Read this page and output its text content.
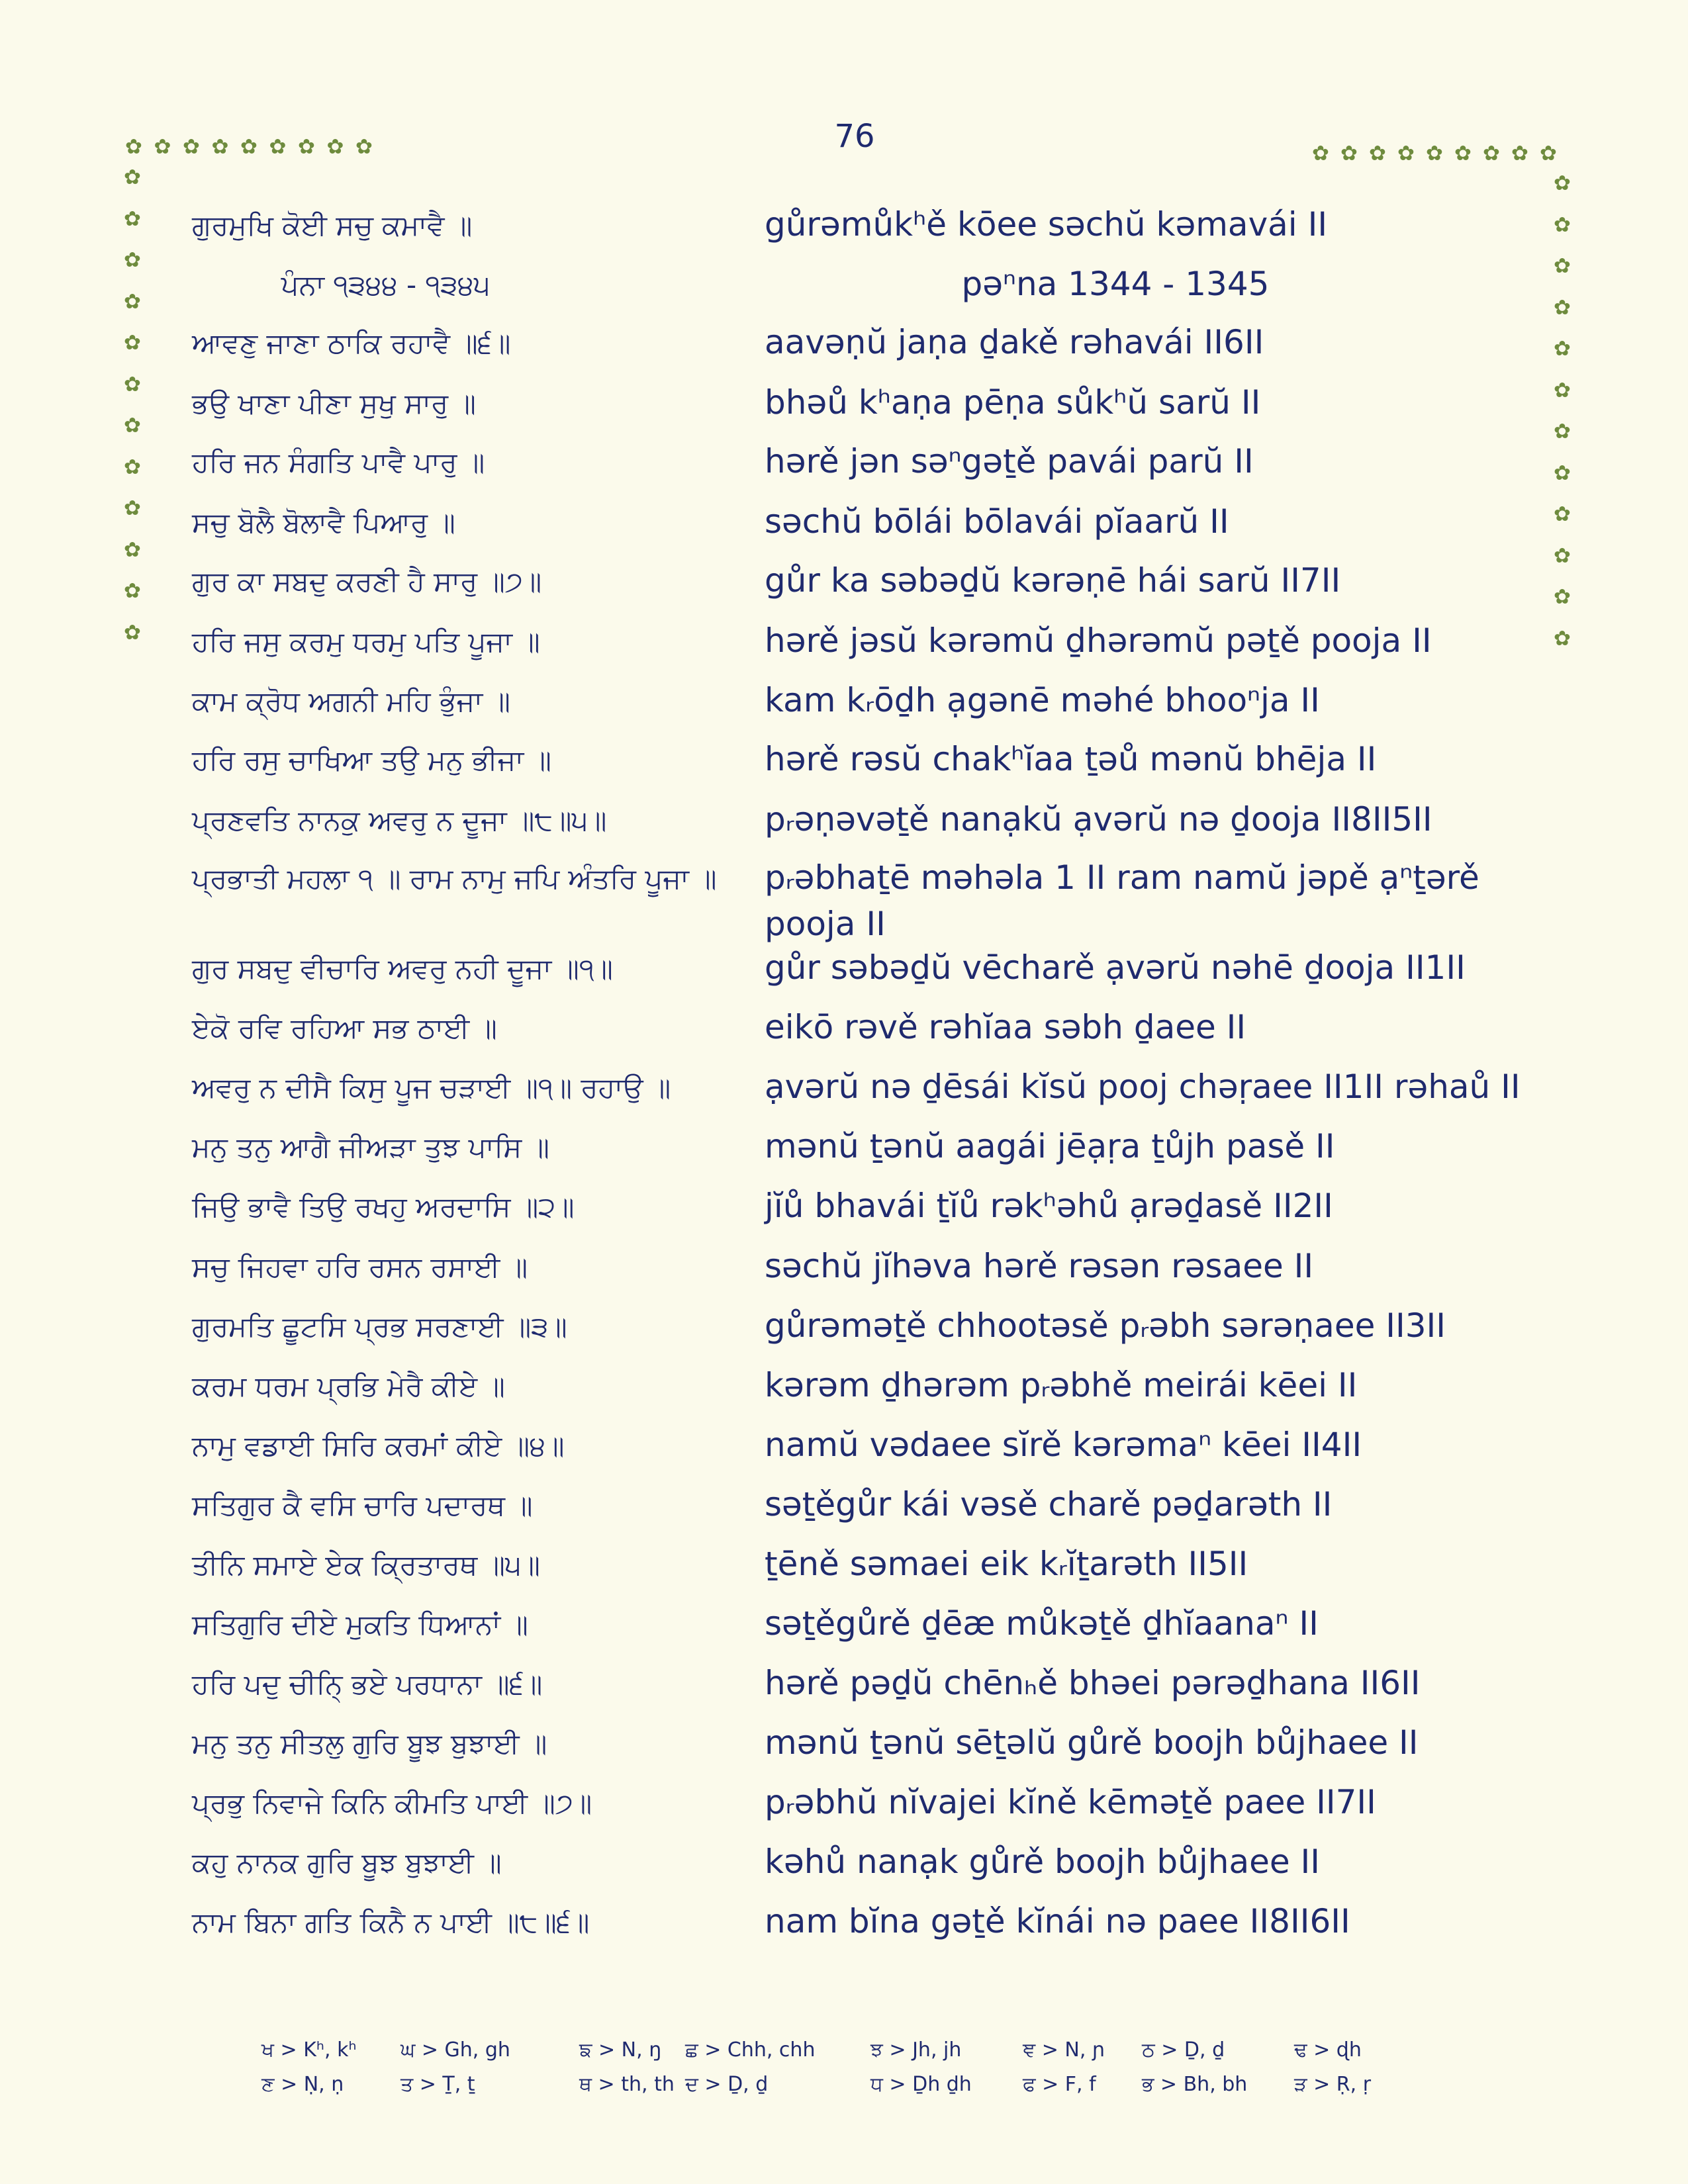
76
✿ ✿ ✿ ✿ ✿ ✿ ✿ ✿ ✿
✿
✿
✿
✿
✿
✿
✿
✿
✿
✿
✿
✿
✿ ✿ ✿ ✿ ✿ ✿ ✿ ✿ ✿
✿
✿
✿
✿
✿
✿
✿
✿
✿
✿
✿
✿
ਗੁਰਮੁਖਿ ਕੋਈ ਸਚੁ ਕਮਾਵੈ ॥	gůrəmůkʰě kōee səchŭ kəmavái II
ਪੰਨਾ ੧੩੪੪ - ੧੩੪੫	pəⁿna 1344 - 1345
ਆਵਣੁ ਜਾਣਾ ਠਾਕਿ ਰਹਾਵੈ ॥੬॥	aavəṇŭ jaṇa ḏakě rəhavái II6II
ਭਉ ਖਾਣਾ ਪੀਣਾ ਸੁਖੁ ਸਾਰੁ ॥	bhəů kʰaṇa pēṇa sůkʰŭ sarŭ II
ਹਰਿ ਜਨ ਸੰਗਤਿ ਪਾਵੈ ਪਾਰੁ ॥	hərě jən səⁿgəṯě pavái parŭ II
ਸਚੁ ਬੋਲੈ ਬੋਲਾਵੈ ਪਿਆਰੁ ॥	səchŭ bōlái bōlavái pĭaarŭ II
ਗੁਰ ਕਾ ਸਬਦੁ ਕਰਣੀ ਹੈ ਸਾਰੁ ॥੭॥	gůr ka səbəḏŭ kərəṇē hái sarŭ II7II
ਹਰਿ ਜਸੁ ਕਰਮੁ ਧਰਮੁ ਪਤਿ ਪੂਜਾ ॥	hərě jəsŭ kərəmŭ ḏhərəmŭ pəṯě pooja II
ਕਾਮ ਕ੍ਰੋਧ ਅਗਨੀ ਮਹਿ ਭੁੰਜਾ ॥	kam kᵣōḏh ạgənē məhé bhooⁿja II
ਹਰਿ ਰਸੁ ਚਾਖਿਆ ਤਉ ਮਨੁ ਭੀਜਾ ॥	hərě rəsŭ chakʰĭaa ṯəů mənŭ bhēja II
ਪ੍ਰਣਵਤਿ ਨਾਨਕੁ ਅਵਰੁ ਨ ਦੂਜਾ ॥੮॥੫॥	pᵣəṇəvəṯě nanạkŭ ạvərŭ nə ḏooja II8II5II
ਪ੍ਰਭਾਤੀ ਮਹਲਾ ੧ ॥ ਰਾਮ ਨਾਮੁ ਜਪਿ ਅੰਤਰਿ ਪੂਜਾ ॥ pᵣəbhaṯē məhəla 1 II ram namŭ jəpě ạⁿṯərě pooja II
ਗੁਰ ਸਬਦੁ ਵੀਚਾਰਿ ਅਵਰੁ ਨਹੀ ਦੂਜਾ ॥੧॥	gůr səbəḏŭ vēcharě ạvərŭ nəhē ḏooja II1II
ਏਕੋ ਰਵਿ ਰਹਿਆ ਸਭ ਠਾਈ ॥	eikō rəvě rəhĭaa səbh ḏaee II
ਅਵਰੁ ਨ ਦੀਸੈ ਕਿਸੁ ਪੂਜ ਚੜਾਈ ॥੧॥ ਰਹਾਉ ॥	ạvərŭ nə ḏēsái kĭsŭ pooj chəṛaee II1II rəhaů II
ਮਨੁ ਤਨੁ ਆਗੈ ਜੀਅੜਾ ਤੁਝ ਪਾਸਿ ॥	mənŭ ṯənŭ aagái jēạṛa ṯůjh pasě II
ਜਿਉ ਭਾਵੈ ਤਿਉ ਰਖਹੁ ਅਰਦਾਸਿ ॥੨॥	jĭů bhavái ṯĭů rəkʰəhů ạrəḏasě II2II
ਸਚੁ ਜਿਹਵਾ ਹਰਿ ਰਸਨ ਰਸਾਈ ॥	səchŭ jĭhəva hərě rəsən rəsaee II
ਗੁਰਮਤਿ ਛੂਟਸਿ ਪ੍ਰਭ ਸਰਣਾਈ ॥੩॥	gůrəməṯě chhootəsě pᵣəbh sərəṇaee II3II
ਕਰਮ ਧਰਮ ਪ੍ਰਭਿ ਮੇਰੈ ਕੀਏ ॥	kərəm ḏhərəm pᵣəbhě meirái kēei II
ਨਾਮੁ ਵਡਾਈ ਸਿਰਿ ਕਰਮਾਂ ਕੀਏ ॥੪॥	namŭ vədaee sĭrě kərəmaⁿ kēei II4II
ਸਤਿਗੁਰ ਕੈ ਵਸਿ ਚਾਰਿ ਪਦਾਰਥ ॥	səṯěgůr kái vəsě charě pəḏarəth II
ਤੀਨਿ ਸਮਾਏ ਏਕ ਕ੍ਰਿਤਾਰਥ ॥੫॥	ṯēně səmaei eik kᵣĭṯarəth II5II
ਸਤਿਗੁਰਿ ਦੀਏ ਮੁਕਤਿ ਧਿਆਨਾਂ ॥	səṯěgůrě ḏēæ můkəṯě ḏhĭaanaⁿ II
ਹਰਿ ਪਦੁ ਚੀਨਿ੍ ਭਏ ਪਰਧਾਨਾ ॥੬॥	hərě pəḏŭ chēnₕě bhəei pərəḏhana II6II
ਮਨੁ ਤਨੁ ਸੀਤਲੁ ਗੁਰਿ ਬੂਝ ਬੁਝਾਈ ॥	mənŭ ṯənŭ sēṯəlŭ gůrě boojh bůjhaee II
ਪ੍ਰਭੁ ਨਿਵਾਜੇ ਕਿਨਿ ਕੀਮਤਿ ਪਾਈ ॥੭॥	pᵣəbhŭ nĭvajei kĭně kēməṯě paee II7II
ਕਹੁ ਨਾਨਕ ਗੁਰਿ ਬੂਝ ਬੁਝਾਈ ॥	kəhů nanạk gůrě boojh bůjhaee II
ਨਾਮ ਬਿਨਾ ਗਤਿ ਕਿਨੈ ਨ ਪਾਈ ॥੮॥੬॥	nam bĭna gəṯě kĭnái nə paee II8II6II
ਖ > Kʰ, kʰ ਘ > Gh, gh	ਙ > N, ŋ ਛ > Chh, chh	ਝ > Jh, jh	ਞ > N, ɲ ਠ > Ḏ, ḏ	ਢ > ɖh
ਣ > Ṇ, ṇ	ਤ > Ṯ, ṯ	ਥ > th, th ਦ > Ḏ, ḏ	ਧ > Ḏh ḏh	ਫ > F, f ਭ > Bh, bh ੜ > Ṛ, ṛ
